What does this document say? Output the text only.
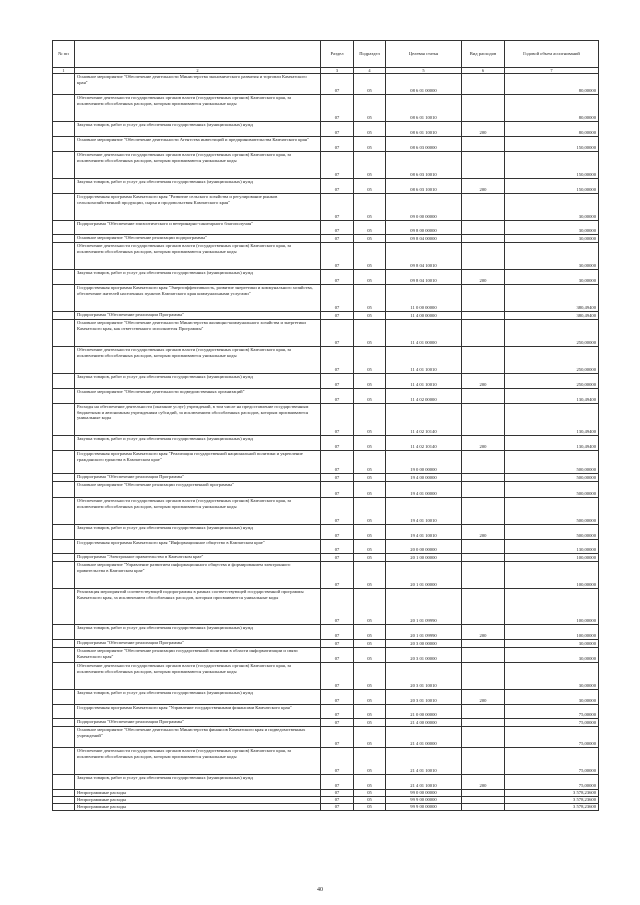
№ пп		Раздел	Подраздел	Целевая статья	Вид расходов	Годовой объем ассигнований
1	2	3	4	5	6	7
	Основное мероприятие "Обеспечение деятельности Министерства экономического развития и торговли Камчатского края"	07	05	08 6 01 00000		80,00000
	Обеспечение деятельности государственных органов власти (государственных органов) Камчатского края, за исключением обособленных расходов, которым присваиваются уникальные коды	07	05	08 6 01 10010		80,00000
	Закупка товаров, работ и услуг для обеспечения государственных (муниципальных) нужд	07	05	08 6 01 10010	200	80,00000
	Основное мероприятие "Обеспечение деятельности Агентства инвестиций и предпринимательства Камчатского края"	07	05	08 6 03 00000		150,00000
	Обеспечение деятельности государственных органов власти (государственных органов) Камчатского края, за исключением обособленных расходов, которым присваиваются уникальные коды	07	05	08 6 03 10010		150,00000
	Закупка товаров, работ и услуг для обеспечения государственных (муниципальных) нужд	07	05	08 6 03 10010	200	150,00000
	Государственная программа Камчатского края "Развитие сельского хозяйства и регулирование рынков сельскохозяйственной продукции, сырья и продовольствия Камчатского края"	07	05	09 0 00 00000		30,00000
	Подпрограмма "Обеспечение эпизоотического и ветеринарно-санитарного благополучия"	07	05	09 8 00 00000		30,00000
	Основное мероприятие "Обеспечение реализации подпрограммы"	07	05	09 8 04 00000		30,00000
	Обеспечение деятельности государственных органов власти (государственных органов) Камчатского края, за исключением обособленных расходов, которым присваиваются уникальные коды	07	05	09 8 04 10010		30,00000
	Закупка товаров, работ и услуг для обеспечения государственных (муниципальных) нужд	07	05	09 8 04 10010	200	30,00000
	Государственная программа Камчатского края "Энергоэффективность, развитие энергетики и коммунального хозяйства, обеспечение жителей населенных пунктов Камчатского края коммунальными услугами"	07	05	11 0 00 00000		380,49400
	Подпрограмма "Обеспечение реализации Программы"	07	05	11 4 00 00000		380,49400
	Основное мероприятие "Обеспечение деятельности Министерства жилищно-коммунального хозяйства и энергетики Камчатского края, как ответственного исполнителя Программы"	07	05	11 4 01 00000		250,00000
	Обеспечение деятельности государственных органов власти (государственных органов) Камчатского края, за исключением обособленных расходов, которым присваиваются уникальные коды	07	05	11 4 01 10010		250,00000
	Закупка товаров, работ и услуг для обеспечения государственных (муниципальных) нужд	07	05	11 4 01 10010	200	250,00000
	Основное мероприятие "Обеспечение деятельности подведомственных организаций"	07	05	11 4 02 00000		130,49400
	Расходы на обеспечение деятельности (оказание услуг) учреждений, в том числе на предоставление государственным бюджетным и автономным учреждениям субсидий, за исключением обособленных расходов, которым присваиваются уникальные коды	07	05	11 4 02 10140		130,49400
	Закупка товаров, работ и услуг для обеспечения государственных (муниципальных) нужд	07	05	11 4 02 10140	200	130,49400
	Государственная программа Камчатского края "Реализация государственной национальной политики и укрепление гражданского единства в Камчатском крае"	07	05	19 0 00 00000		500,00000
	Подпрограмма "Обеспечение реализации Программы"	07	05	19 4 00 00000		500,00000
	Основное мероприятие "Обеспечение реализации государственной программы"	07	05	19 4 01 00000		500,00000
	Обеспечение деятельности государственных органов власти (государственных органов) Камчатского края, за исключением обособленных расходов, которым присваиваются уникальные коды	07	05	19 4 01 10010		500,00000
	Закупка товаров, работ и услуг для обеспечения государственных (муниципальных) нужд	07	05	19 4 01 10010	200	500,00000
	Государственная программа Камчатского края "Информационное общество в Камчатском крае"	07	05	20 0 00 00000		130,00000
	Подпрограмма "Электронное правительство в Камчатском крае"	07	05	20 1 00 00000		100,00000
	Основное мероприятие "Управление развитием информационного общества и формированием электронного правительства в Камчатском крае"	07	05	20 1 01 00000		100,00000
	Реализация мероприятий соответствующей подпрограммы в рамках соответствующей государственной программы Камчатского края, за исключением обособленных расходов, которым присваиваются уникальные коды	07	05	20 1 01 09990		100,00000
	Закупка товаров, работ и услуг для обеспечения государственных (муниципальных) нужд	07	05	20 1 01 09990	200	100,00000
	Подпрограмма "Обеспечение реализации Программы"	07	05	20 3 00 00000		30,00000
	Основное мероприятие "Обеспечение реализации государственной политики в области информатизации и связи Камчатского края"	07	05	20 3 01 00000		30,00000
	Обеспечение деятельности государственных органов власти (государственных органов) Камчатского края, за исключением обособленных расходов, которым присваиваются уникальные коды	07	05	20 3 01 10010		30,00000
	Закупка товаров, работ и услуг для обеспечения государственных (муниципальных) нужд	07	05	20 3 01 10010	200	30,00000
	Государственная программа Камчатского края "Управление государственными финансами Камчатского края"	07	05	21 0 00 00000		75,00000
	Подпрограмма "Обеспечение реализации Программы"	07	05	21 4 00 00000		75,00000
	Основное мероприятие "Обеспечение деятельности Министерства финансов Камчатского края и подведомственных учреждений"	07	05	21 4 01 00000		75,00000
	Обеспечение деятельности государственных органов власти (государственных органов) Камчатского края, за исключением обособленных расходов, которым присваиваются уникальные коды	07	05	21 4 01 10010		75,00000
	Закупка товаров, работ и услуг для обеспечения государственных (муниципальных) нужд	07	05	21 4 01 10010	200	75,00000
	Непрограммные расходы	07	05	99 0 00 00000		3 578,23600
	Непрограммные расходы	07	05	99 9 00 00000		3 578,23600
	Непрограммные расходы	07	05	99 9 00 00000		3 578,23600
40
